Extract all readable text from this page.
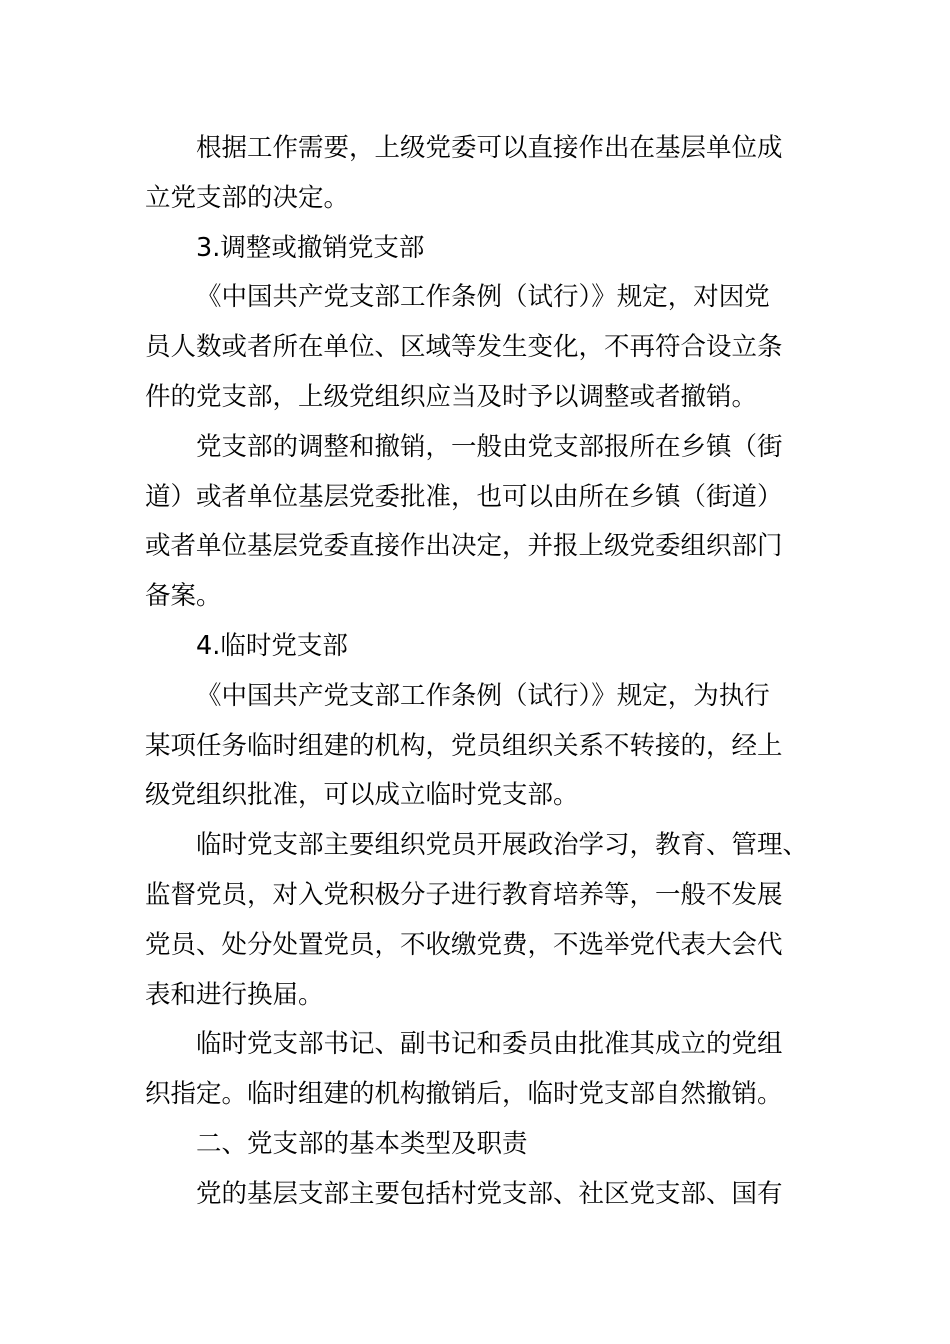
根据工作需要，上级党委可以直接作出在基层单位成
立党支部的决定。
3.调整或撤销党支部
《中国共产党支部工作条例（试行）》规定，对因党
员人数或者所在单位、区域等发生变化，不再符合设立条
件的党支部，上级党组织应当及时予以调整或者撤销。
党支部的调整和撤销，一般由党支部报所在乡镇（街
道）或者单位基层党委批准，也可以由所在乡镇（街道）
或者单位基层党委直接作出决定，并报上级党委组织部门
备案。
4.临时党支部
《中国共产党支部工作条例（试行）》规定，为执行
某项任务临时组建的机构，党员组织关系不转接的，经上
级党组织批准，可以成立临时党支部。
临时党支部主要组织党员开展政治学习，教育、管理、
监督党员，对入党积极分子进行教育培养等，一般不发展
党员、处分处置党员，不收缴党费，不选举党代表大会代
表和进行换届。
临时党支部书记、副书记和委员由批准其成立的党组
织指定。临时组建的机构撤销后，临时党支部自然撤销。
二、党支部的基本类型及职责
党的基层支部主要包括村党支部、社区党支部、国有
